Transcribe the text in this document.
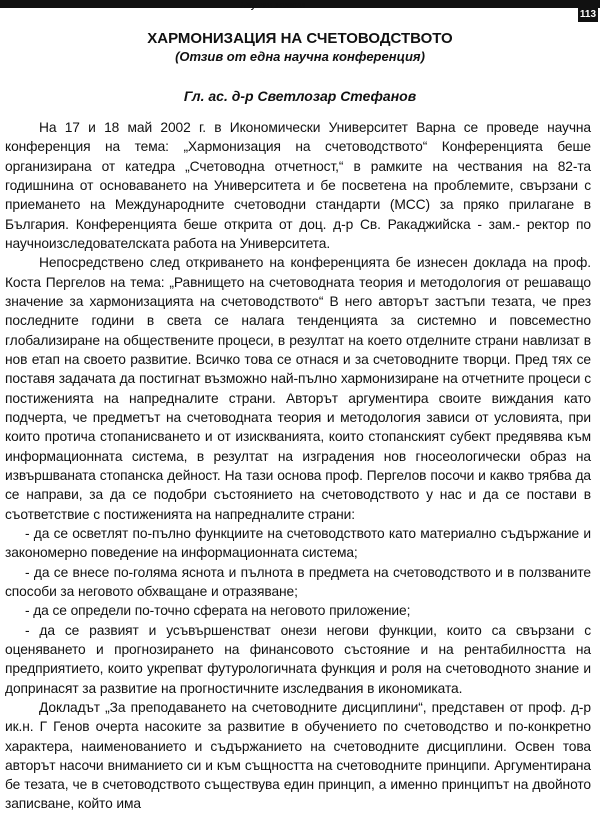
Научен живот
113
ХАРМОНИЗАЦИЯ НА СЧЕТОВОДСТВОТО
(Отзив от една научна конференция)
Гл. ас. д-р Светлозар Стефанов

На 17 и 18 май 2002 г. в Икономически Университет Варна се проведе научна конференция на тема: „Хармонизация на счетоводството“ Конференцията беше организирана от катедра „Счетоводна отчетност,“ в рамките на чествания на 82-та годишнина от основаването на Университета и бе посветена на проблемите, свързани с приемането на Международните счетоводни стандарти (МСС) за пряко прилагане в България. Конференцията беше открита от доц. д-р Св. Ракаджийска - зам.- ректор по научноизследователската работа на Университета.

Непосредствено след откриването на конференцията бе изнесен доклада на проф. Коста Пергелов на тема: „Равнището на счетоводната теория и методология от решаващо значение за хармонизацията на счетоводството“ В него авторът застъпи тезата, че през последните години в света се налага тенденцията за системно и повсеместно глобализиране на обществените процеси, в резултат на което отделните страни навлизат в нов етап на своето развитие. Всичко това се отнася и за счетоводните творци. Пред тях се поставя задачата да постигнат възможно най-пълно хармонизиране на отчетните процеси с постиженията на напредналите страни. Авторът аргументира своите виждания като подчерта, че предметът на счетоводната теория и методология зависи от условията, при които протича стопанисването и от изискванията, които стопанският субект предявява към информационната система, в резултат на изградения нов гносеологически образ на извършваната стопанска дейност. На тази основа проф. Пергелов посочи и какво трябва да се направи, за да се подобри състоянието на счетоводството у нас и да се постави в съответствие с постиженията на напредналите страни:

- да се осветлят по-пълно функциите на счетоводството като материално съдържание и закономерно поведение на информационната система;

- да се внесе по-голяма яснота и пълнота в предмета на счетоводството и в ползваните способи за неговото обхващане и отразяване;

- да се определи по-точно сферата на неговото приложение;

- да се развият и усъвършенстват онези негови функции, които са свързани с оценяването и прогнозирането на финансовото състояние и на рентабилността на предприятието, които укрепват футурологичната функция и роля на счетоводното знание и допринасят за развитие на прогностичните изследвания в икономиката.

Докладът „За преподаването на счетоводните дисциплини“, представен от проф. д-р ик.н. Г Генов очерта насоките за развитие в обучението по счетоводство и по-конкретно характера, наименованието и съдържанието на счетоводните дисциплини. Освен това авторът насочи вниманието си и към същността на счетоводните принципи. Аргументирана бе тезата, че в счетоводството съществува един принцип, а именно принципът на двойното записване, който има
